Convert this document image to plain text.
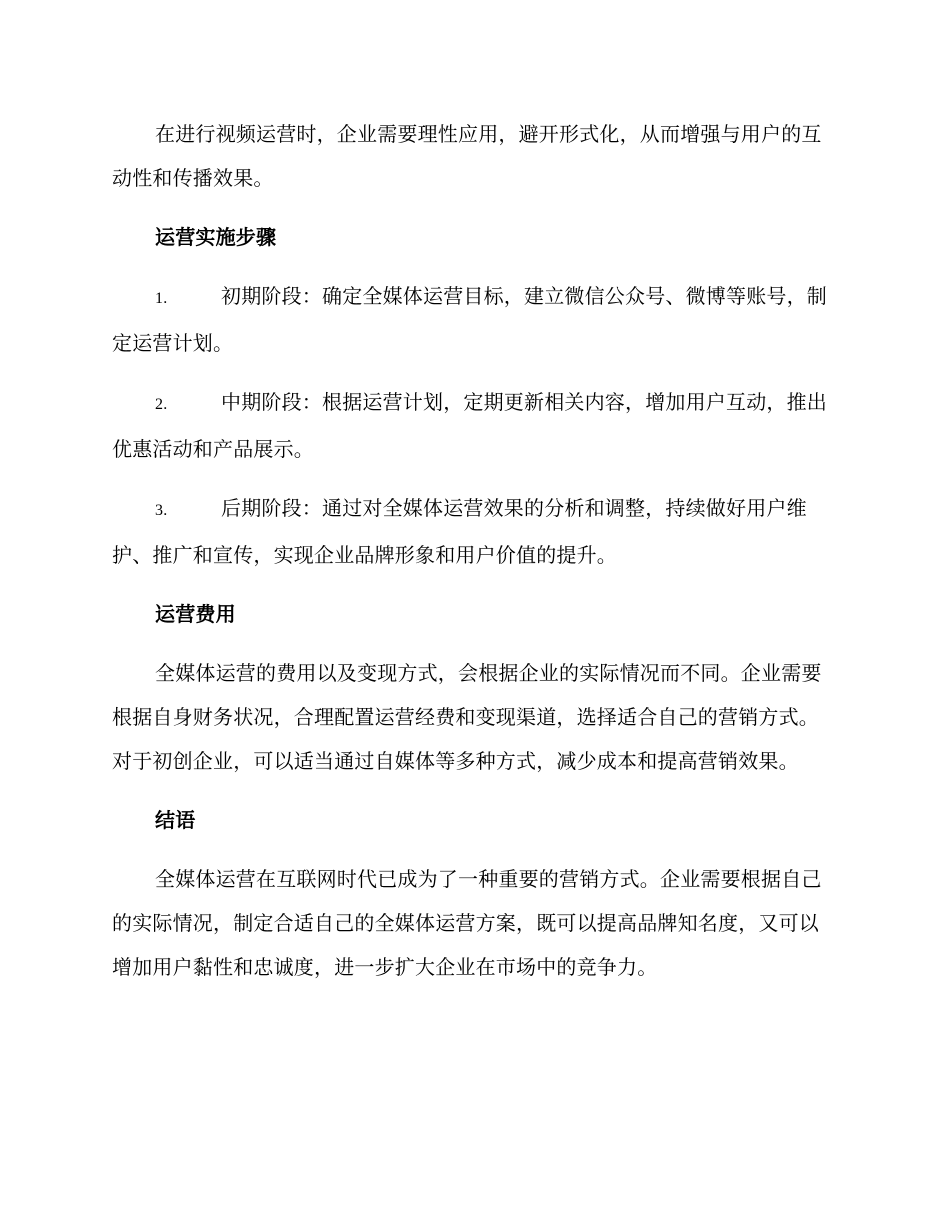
在进行视频运营时，企业需要理性应用，避开形式化，从而增强与用户的互动性和传播效果。

运营实施步骤

1.	初期阶段：确定全媒体运营目标，建立微信公众号、微博等账号，制定运营计划。

2.	中期阶段：根据运营计划，定期更新相关内容，增加用户互动，推出优惠活动和产品展示。

3.	后期阶段：通过对全媒体运营效果的分析和调整，持续做好用户维护、推广和宣传，实现企业品牌形象和用户价值的提升。

运营费用

全媒体运营的费用以及变现方式，会根据企业的实际情况而不同。企业需要根据自身财务状况，合理配置运营经费和变现渠道，选择适合自己的营销方式。对于初创企业，可以适当通过自媒体等多种方式，减少成本和提高营销效果。

结语

全媒体运营在互联网时代已成为了一种重要的营销方式。企业需要根据自己的实际情况，制定合适自己的全媒体运营方案，既可以提高品牌知名度，又可以增加用户黏性和忠诚度，进一步扩大企业在市场中的竞争力。
